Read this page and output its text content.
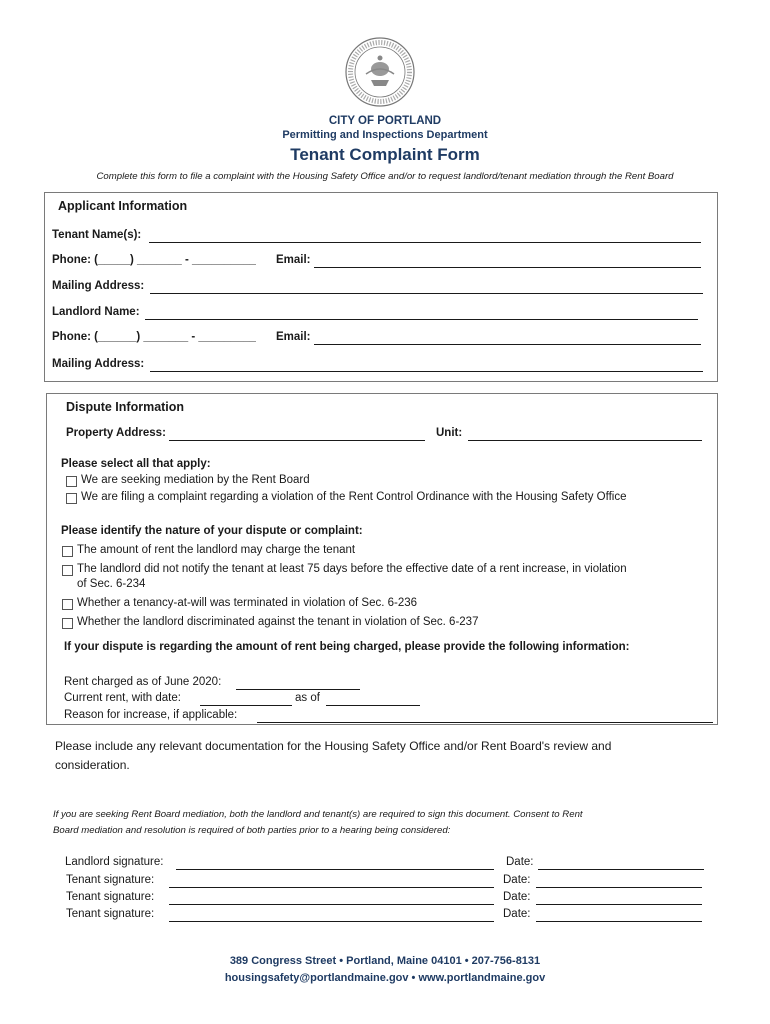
CITY OF PORTLAND
Permitting and Inspections Department
Tenant Complaint Form
Complete this form to file a complaint with the Housing Safety Office and/or to request landlord/tenant mediation through the Rent Board
Applicant Information
Tenant Name(s):
Phone: (_____) _______ - __________ Email:
Mailing Address:
Landlord Name:
Phone: (______) _______ - _________ Email:
Mailing Address:
Dispute Information
Property Address:	Unit:
Please select all that apply:
We are seeking mediation by the Rent Board
We are filing a complaint regarding a violation of the Rent Control Ordinance with the Housing Safety Office
Please identify the nature of your dispute or complaint:
The amount of rent the landlord may charge the tenant
The landlord did not notify the tenant at least 75 days before the effective date of a rent increase, in violation
of Sec. 6-234
Whether a tenancy-at-will was terminated in violation of Sec. 6-236
Whether the landlord discriminated against the tenant in violation of Sec. 6-237
If your dispute is regarding the amount of rent being charged, please provide the following information:
Rent charged as of June 2020:
Current rent, with date:	as of
Reason for increase, if applicable:
Please include any relevant documentation for the Housing Safety Office and/or Rent Board's review and
consideration.
If you are seeking Rent Board mediation, both the landlord and tenant(s) are required to sign this document. Consent to Rent
Board mediation and resolution is required of both parties prior to a hearing being considered:
Landlord signature:	Date:
Tenant signature:	Date:
Tenant signature:	Date:
Tenant signature:	Date:
389 Congress Street • Portland, Maine 04101 • 207-756-8131
housingsafety@portlandmaine.gov • www.portlandmaine.gov
